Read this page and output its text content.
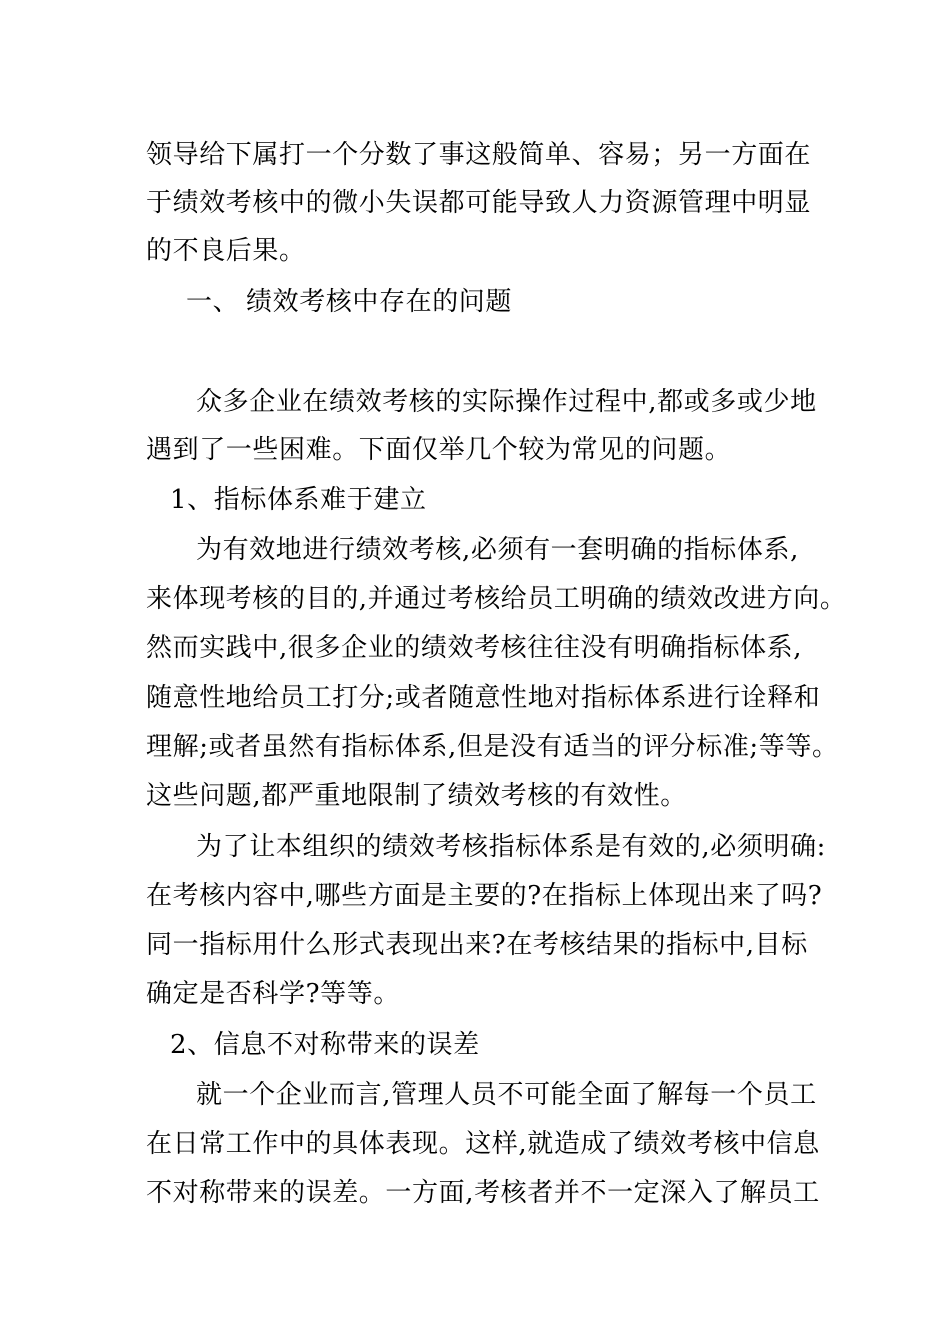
领导给下属打一个分数了事这般简单、容易；另一方面在
于绩效考核中的微小失误都可能导致人力资源管理中明显
的不良后果。
一、 绩效考核中存在的问题
众多企业在绩效考核的实际操作过程中,都或多或少地
遇到了一些困难。下面仅举几个较为常见的问题。
1、指标体系难于建立
为有效地进行绩效考核,必须有一套明确的指标体系,
来体现考核的目的,并通过考核给员工明确的绩效改进方向。
然而实践中,很多企业的绩效考核往往没有明确指标体系,
随意性地给员工打分;或者随意性地对指标体系进行诠释和
理解;或者虽然有指标体系,但是没有适当的评分标准;等等。
这些问题,都严重地限制了绩效考核的有效性。
为了让本组织的绩效考核指标体系是有效的,必须明确:
在考核内容中,哪些方面是主要的?在指标上体现出来了吗?
同一指标用什么形式表现出来?在考核结果的指标中,目标
确定是否科学?等等。
2、信息不对称带来的误差
就一个企业而言,管理人员不可能全面了解每一个员工
在日常工作中的具体表现。这样,就造成了绩效考核中信息
不对称带来的误差。一方面,考核者并不一定深入了解员工
